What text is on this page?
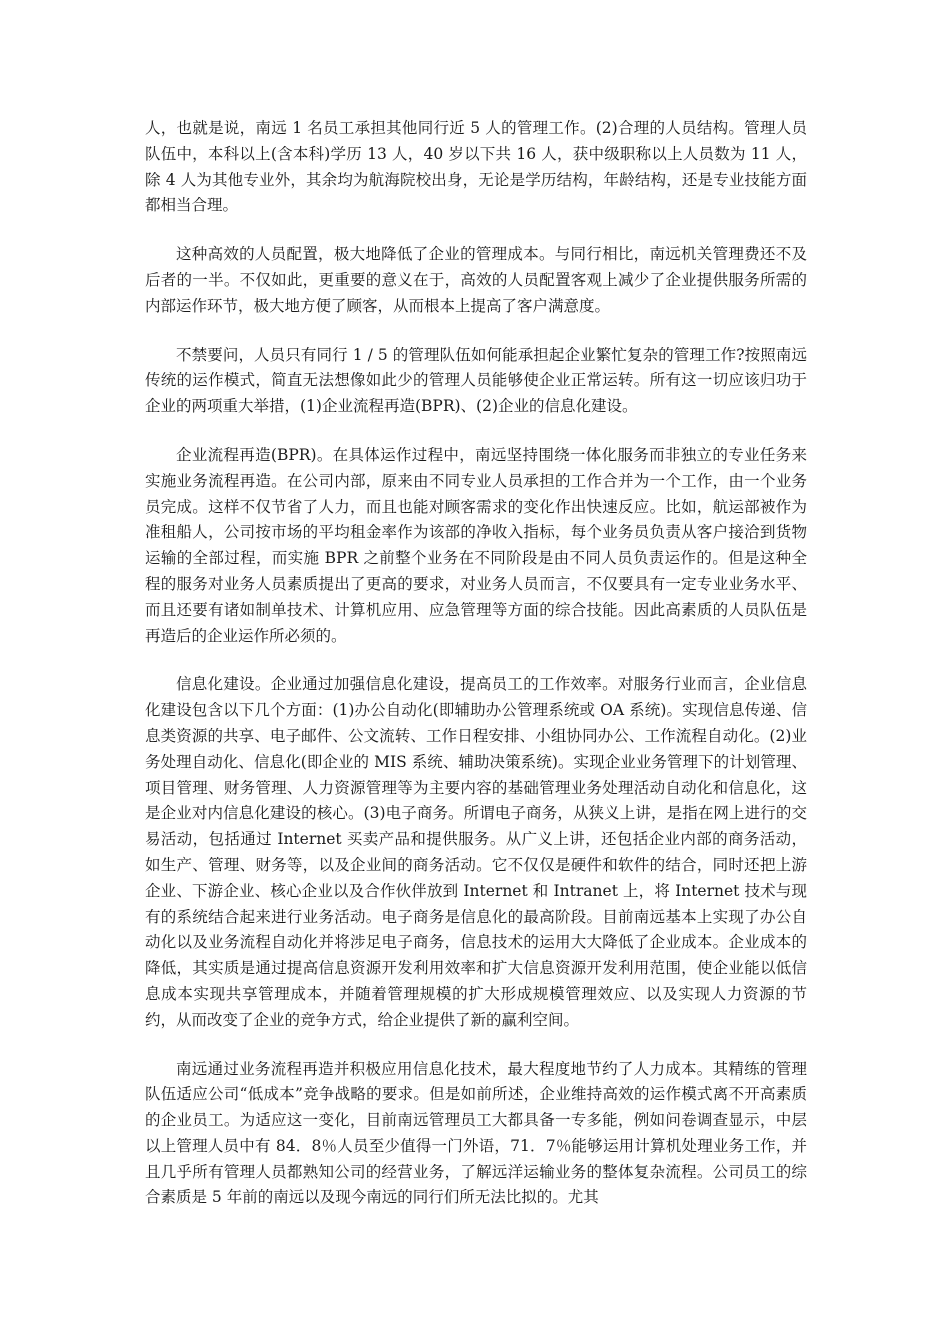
人，也就是说，南远 1 名员工承担其他同行近 5 人的管理工作。(2)合理的人员结构。管理人员队伍中，本科以上(含本科)学历 13 人，40 岁以下共 16 人，获中级职称以上人员数为 11 人，除 4 人为其他专业外，其余均为航海院校出身，无论是学历结构，年龄结构，还是专业技能方面都相当合理。

这种高效的人员配置，极大地降低了企业的管理成本。与同行相比，南远机关管理费还不及后者的一半。不仅如此，更重要的意义在于，高效的人员配置客观上减少了企业提供服务所需的内部运作环节，极大地方便了顾客，从而根本上提高了客户满意度。

不禁要问，人员只有同行 1 / 5 的管理队伍如何能承担起企业繁忙复杂的管理工作?按照南远传统的运作模式，简直无法想像如此少的管理人员能够使企业正常运转。所有这一切应该归功于企业的两项重大举措，(1)企业流程再造(BPR)、(2)企业的信息化建设。

企业流程再造(BPR)。在具体运作过程中，南远坚持围绕一体化服务而非独立的专业任务来实施业务流程再造。在公司内部，原来由不同专业人员承担的工作合并为一个工作，由一个业务员完成。这样不仅节省了人力，而且也能对顾客需求的变化作出快速反应。比如，航运部被作为准租船人，公司按市场的平均租金率作为该部的净收入指标，每个业务员负责从客户接洽到货物运输的全部过程，而实施 BPR 之前整个业务在不同阶段是由不同人员负责运作的。但是这种全程的服务对业务人员素质提出了更高的要求，对业务人员而言，不仅要具有一定专业业务水平、而且还要有诸如制单技术、计算机应用、应急管理等方面的综合技能。因此高素质的人员队伍是再造后的企业运作所必须的。

信息化建设。企业通过加强信息化建设，提高员工的工作效率。对服务行业而言，企业信息化建设包含以下几个方面：(1)办公自动化(即辅助办公管理系统或 OA 系统)。实现信息传递、信息类资源的共享、电子邮件、公文流转、工作日程安排、小组协同办公、工作流程自动化。(2)业务处理自动化、信息化(即企业的 MIS 系统、辅助决策系统)。实现企业业务管理下的计划管理、项目管理、财务管理、人力资源管理等为主要内容的基础管理业务处理活动自动化和信息化，这是企业对内信息化建设的核心。(3)电子商务。所谓电子商务，从狭义上讲，是指在网上进行的交易活动，包括通过 Internet 买卖产品和提供服务。从广义上讲，还包括企业内部的商务活动，如生产、管理、财务等，以及企业间的商务活动。它不仅仅是硬件和软件的结合，同时还把上游企业、下游企业、核心企业以及合作伙伴放到 Internet 和 Intranet 上，将 Internet 技术与现有的系统结合起来进行业务活动。电子商务是信息化的最高阶段。目前南远基本上实现了办公自动化以及业务流程自动化并将涉足电子商务，信息技术的运用大大降低了企业成本。企业成本的降低，其实质是通过提高信息资源开发利用效率和扩大信息资源开发利用范围，使企业能以低信息成本实现共享管理成本，并随着管理规模的扩大形成规模管理效应、以及实现人力资源的节约，从而改变了企业的竞争方式，给企业提供了新的赢利空间。

南远通过业务流程再造并积极应用信息化技术，最大程度地节约了人力成本。其精练的管理队伍适应公司“低成本”竞争战略的要求。但是如前所述，企业维持高效的运作模式离不开高素质的企业员工。为适应这一变化，目前南远管理员工大都具备一专多能，例如问卷调查显示，中层以上管理人员中有 84．8％人员至少值得一门外语，71．7％能够运用计算机处理业务工作，并且几乎所有管理人员都熟知公司的经营业务，了解远洋运输业务的整体复杂流程。公司员工的综合素质是 5 年前的南远以及现今南远的同行们所无法比拟的。尤其
